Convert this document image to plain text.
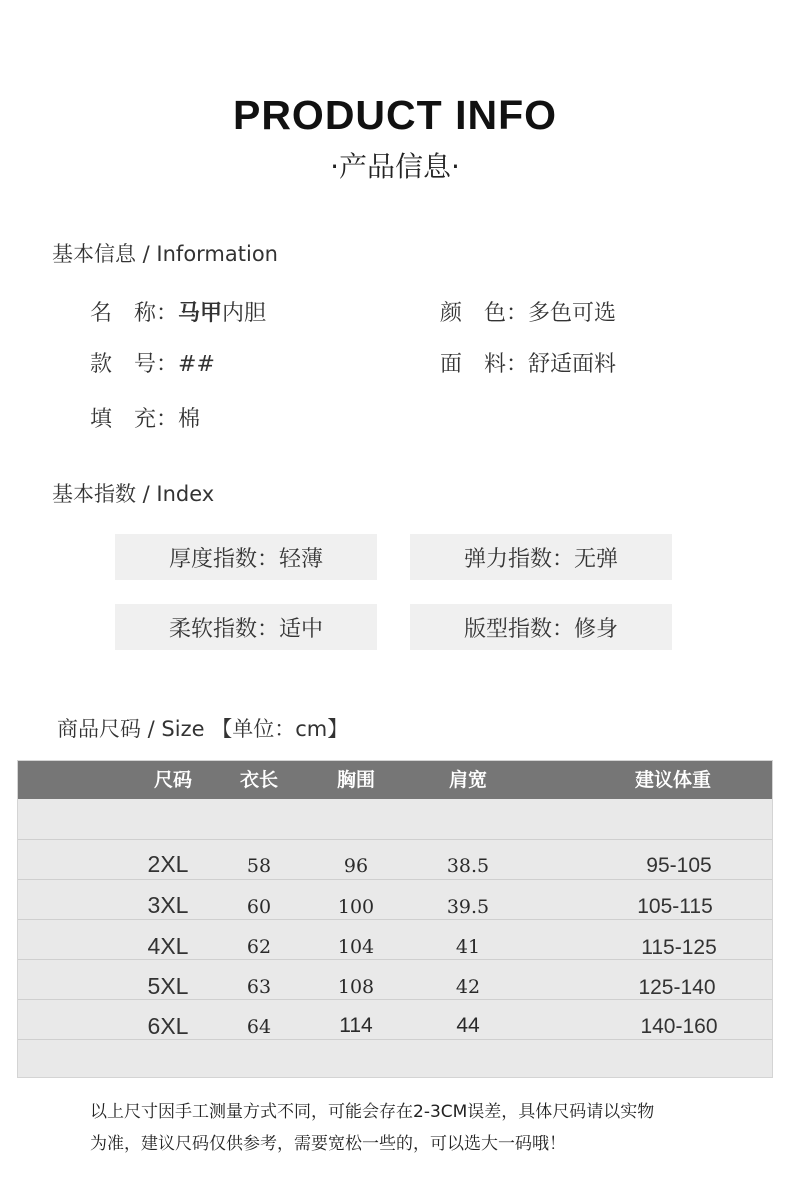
PRODUCT INFO
·产品信息·
基本信息 / Information
名　称：马甲内胆	颜　色：多色可选
款　号：##	面　料：舒适面料
填　充：棉
基本指数 / Index
厚度指数：轻薄	弹力指数：无弹
柔软指数：适中	版型指数：修身
商品尺码 / Size 【单位：cm】
尺码	衣长	胸围	肩宽	建议体重
2XL	58	96	38.5	95-105
3XL	60	100	39.5	105-115
4XL	62	104	41	115-125
5XL	63	108	42	125-140
6XL	64	114	44	140-160
以上尺寸因手工测量方式不同，可能会存在2-3CM误差，具体尺码请以实物
为准，建议尺码仅供参考，需要宽松一些的，可以选大一码哦！
